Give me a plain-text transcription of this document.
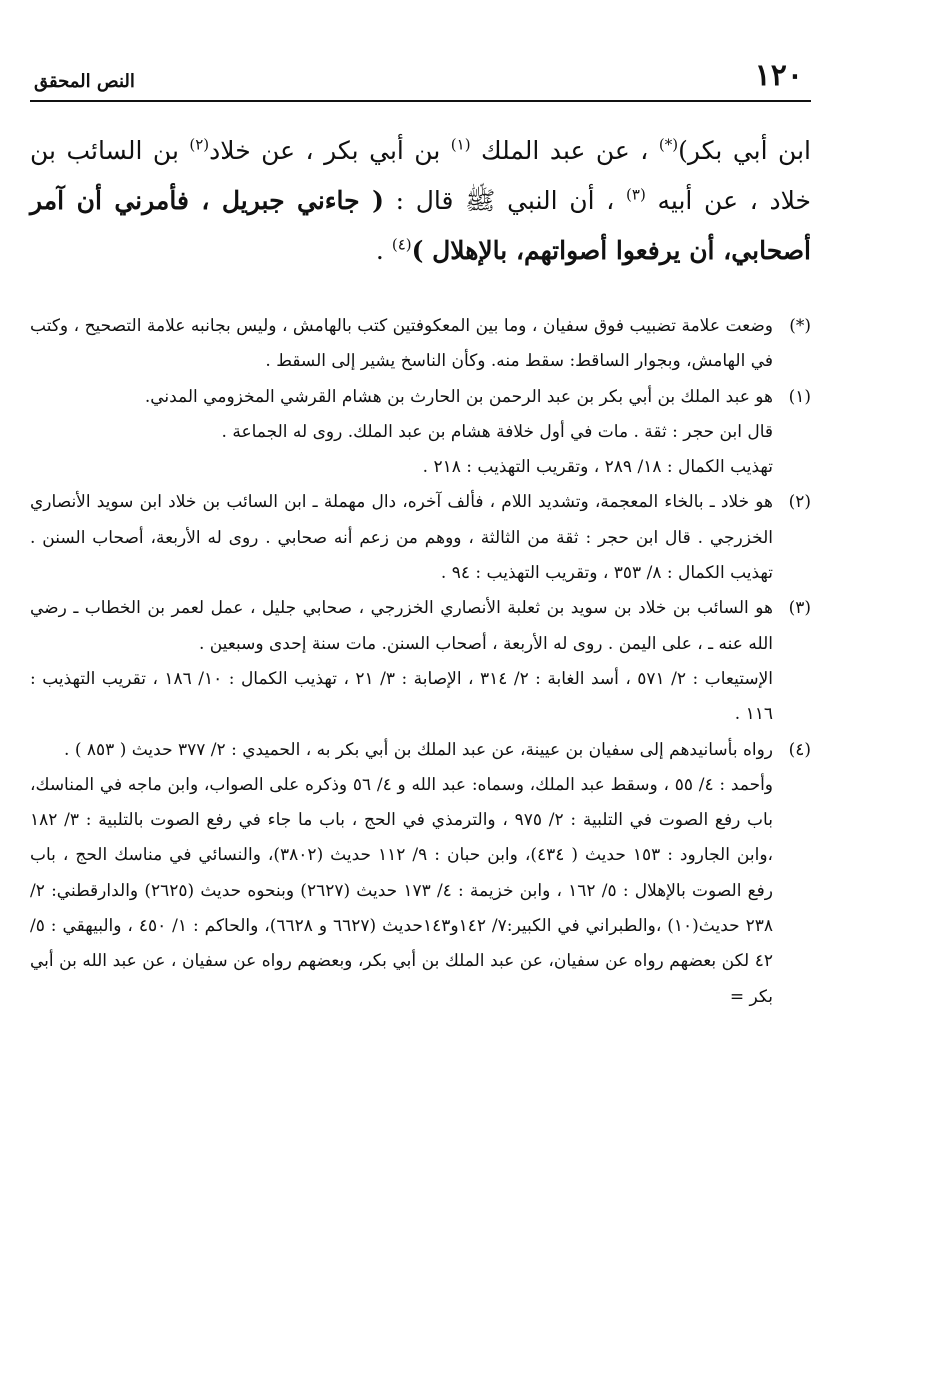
١٢٠
النص المحقق

ابن أبي بكر)(*) ، عن عبد الملك $^{(١)}$ بن أبي بكر ، عن خلاد$^{(٢)}$ بن السائب بن خلاد ، عن أبيه $^{(٣)}$ ، أن النبي ﷺ قال : ( جاءني جبريل ، فأمرني أن آمر أصحابي، أن يرفعوا أصواتهم، بالإهلال )$^{(٤)}$ .

(*)

وضعت علامة تضبيب فوق سفيان ، وما بين المعكوفتين كتب بالهامش ، وليس بجانبه علامة التصحيح ، وكتب في الهامش، وبجوار الساقط: سقط منه. وكأن الناسخ يشير إلى السقط .

(١)

هو عبد الملك بن أبي بكر بن عبد الرحمن بن الحارث بن هشام القرشي المخزومي المدني.

قال ابن حجر : ثقة . مات في أول خلافة هشام بن عبد الملك. روى له الجماعة .

تهذيب الكمال : ١٨/ ٢٨٩ ، وتقريب التهذيب : ٢١٨ .

(٢)

هو خلاد ـ بالخاء المعجمة، وتشديد اللام ، فألف آخره، دال مهملة ـ ابن السائب بن خلاد ابن سويد الأنصاري الخزرجي . قال ابن حجر : ثقة من الثالثة ، ووهم من زعم أنه صحابي . روى له الأربعة، أصحاب السنن . تهذيب الكمال : ٨/ ٣٥٣ ، وتقريب التهذيب : ٩٤ .

(٣)

هو السائب بن خلاد بن سويد بن ثعلبة الأنصاري الخزرجي ، صحابي جليل ، عمل لعمر بن الخطاب ـ رضي الله عنه ـ ، على اليمن . روى له الأربعة ، أصحاب السنن. مات سنة إحدى وسبعين .

الإستيعاب : ٢/ ٥٧١ ، أسد الغابة : ٢/ ٣١٤ ، الإصابة : ٣/ ٢١ ، تهذيب الكمال : ١٠/ ١٨٦ ، تقريب التهذيب : ١١٦ .

(٤)

رواه بأسانيدهم إلى سفيان بن عيينة، عن عبد الملك بن أبي بكر به ، الحميدي : ٢/ ٣٧٧ حديث ( ٨٥٣ ) .

وأحمد : ٤/ ٥٥ ، وسقط عبد الملك، وسماه: عبد الله و ٤/ ٥٦ وذكره على الصواب، وابن ماجه في المناسك، باب رفع الصوت في التلبية : ٢/ ٩٧٥ ، والترمذي في الحج ، باب ما جاء في رفع الصوت بالتلبية : ٣/ ١٨٢ ،وابن الجارود : ١٥٣ حديث ( ٤٣٤)، وابن حبان : ٩/ ١١٢ حديث (٣٨٠٢)، والنسائي في مناسك الحج ، باب رفع الصوت بالإهلال : ٥/ ١٦٢ ، وابن خزيمة : ٤/ ١٧٣ حديث (٢٦٢٧) وبنحوه حديث (٢٦٢٥) والدارقطني: ٢/ ٢٣٨ حديث(١٠) ،والطبراني في الكبير:٧/ ١٤٢و١٤٣حديث (٦٦٢٧ و ٦٦٢٨)، والحاكم : ١/ ٤٥٠ ، والبيهقي : ٥/ ٤٢ لكن بعضهم رواه عن سفيان، عن عبد الملك بن أبي بكر، وبعضهم رواه عن سفيان ، عن عبد الله بن أبي بكر =
